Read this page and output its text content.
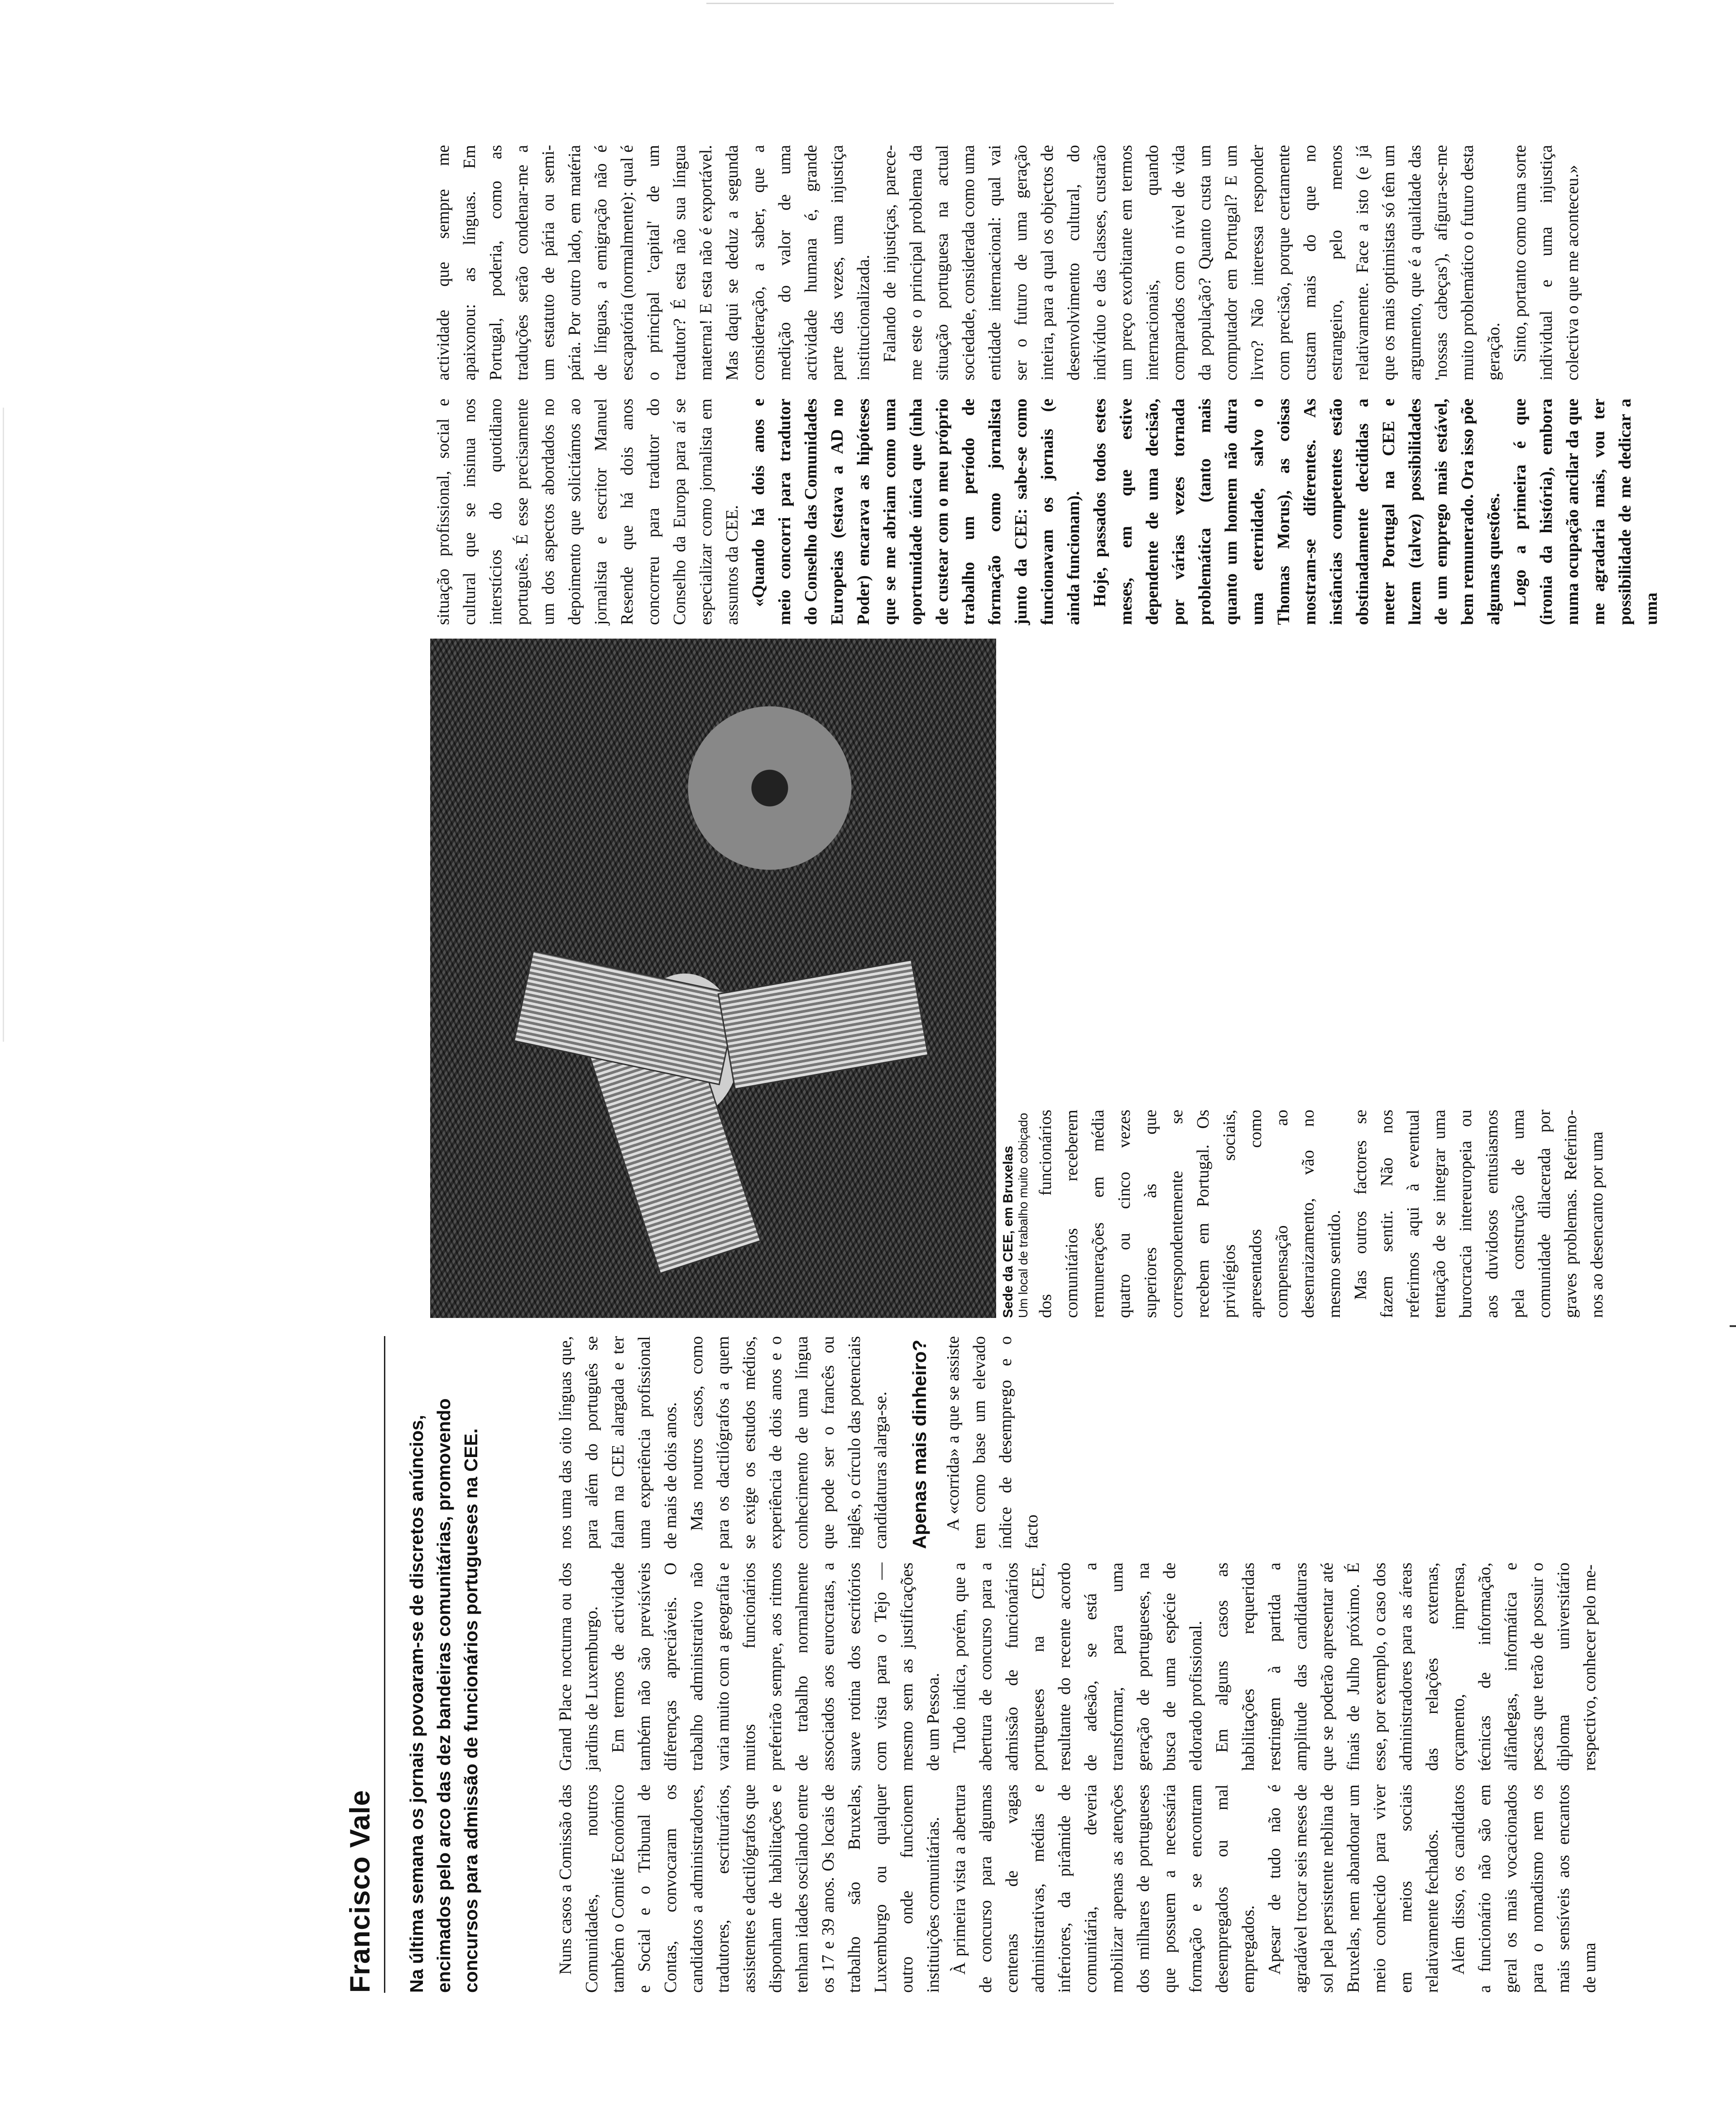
Francisco Vale Na última semana os jornais povoaram-se de discretos anúncios, encimados pelo arco das dez bandeiras comunitárias, promovendo concursos para admissão de funcionários portugueses na CEE.	Nuns casos a Comissão das Comunidades, noutros também o Comité Económico e Social e o Tribunal de Contas, convocaram os candidatos a administradores, tradutores, escriturários, assistentes e dactilógrafos que disponham de habilitações e tenham idades oscilando entre os 17 e 39 anos. Os locais de trabalho são Bruxelas, Luxemburgo ou qualquer outro onde funcionem instituições comunitárias. À primeira vista a abertura de concurso para algumas centenas de vagas administrativas, médias e inferiores, da pirâmide de comunitária, deveria mobilizar apenas as atenções dos milhares de portugueses que possuem a necessária formação e se encontram desempregados ou mal empregados. Apesar de tudo não é agradável trocar seis meses de sol pela persistente neblina de Bruxelas, nem abandonar um meio conhecido para viver em meios sociais relativamente fechados. Além disso, os candidatos a funcionário não são em geral os mais vocacionados para o nomadismo nem os mais sensíveis aos encantos de uma

Grand Place nocturna ou dos jardins de Luxemburgo. Em termos de actividade também não são previsíveis diferenças apreciáveis. O trabalho administrativo não varia muito com a geografia e muitos funcionários preferirão sempre, aos ritmos de trabalho normalmente associados aos eurocratas, a suave rotina dos escritórios com vista para o Tejo — mesmo sem as justificações de um Pessoa. Tudo indica, porém, que a abertura de concurso para a admissão de funcionários portugueses na CEE, resultante do recente acordo de adesão, se está a transformar, para uma geração de portugueses, na busca de uma espécie de eldorado profissional. Em alguns casos as habilitações requeridas restringem à partida a amplitude das candidaturas que se poderão apresentar até finais de Julho próximo. É esse, por exemplo, o caso dos administradores para as áreas das relações externas, orçamento, imprensa, técnicas de informação, alfândegas, informática e pescas que terão de possuir o diploma universitário respectivo, conhecer pelo me-

nos uma das oito línguas que, para além do português se falam na CEE alargada e ter uma experiência profissional de mais de dois anos. Mas noutros casos, como para os dactilógrafos a quem se exige os estudos médios, experiência de dois anos e o conhecimento de uma língua que pode ser o francês ou inglês, o círculo das potenciais candidaturas alarga-se. Apenas mais dinheiro? A «corrida» a que se assiste tem como base um elevado índice de desemprego e o facto

Sede da CEE, em Bruxelas Um local de trabalho muito cobiçado dos funcionários comunitários receberem remunerações em média quatro ou cinco vezes superiores às que correspondentemente se recebem em Portugal. Os privilégios sociais, apresentados como compensação ao desenraizamento, vão no mesmo sentido. Mas outros factores se fazem sentir. Não nos referimos aqui à eventual tentação de se integrar uma burocracia intereuropeia ou aos duvidosos entusiasmos pela construção de uma comunidade dilacerada por graves problemas. Referimo-nos ao desencanto por uma

situação profissional, social e cultural que se insinua nos interstícios do quotidiano português. É esse precisamente um dos aspectos abordados no depoimento que solicitámos ao jornalista e escritor Manuel Resende que há dois anos concorreu para tradutor do Conselho da Europa para aí se especializar como jornalista em assuntos da CEE. «Quando há dois anos e meio concorri para tradutor do Conselho das Comunidades Europeias (estava a AD no Poder) encarava as hipóteses que se me abriam como uma oportunidade única que (inha de custear com o meu próprio trabalho um período de formação como jornalista junto da CEE: sabe-se como funcionavam os jornais (e ainda funcionam). Hoje, passados todos estes meses, em que estive dependente de uma decisão, por várias vezes tornada problemática (tanto mais quanto um homem não dura uma eternidade, salvo o Thomas Morus), as coisas mostram-se diferentes. As instâncias competentes estão obstinadamente decididas a meter Portugal na CEE e luzem (talvez) possibilidades de um emprego mais estável, bem remunerado. Ora isso põe algumas questões. Logo a primeira é que (ironia da história), embora numa ocupação ancilar da que me agradaria mais, vou ter possibilidade de me dedicar a uma

actividade que sempre me apaixonou: as línguas. Em Portugal, poderia, como as traduções serão condenar-me a um estatuto de pária ou semi-pária. Por outro lado, em matéria de línguas, a emigração não é escapatória (normalmente): qual é o principal 'capital' de um tradutor? É esta não sua língua materna! E esta não é exportável. Mas daqui se deduz a segunda consideração, a saber, que a medição do valor de uma actividade humana é, grande parte das vezes, uma injustiça institucionalizada. Falando de injustiças, parece-me este o principal problema da situação portuguesa na actual sociedade, considerada como uma entidade internacional: qual vai ser o futuro de uma geração inteira, para a qual os objectos de desenvolvimento cultural, do indivíduo e das classes, custarão um preço exorbitante em termos internacionais, quando comparados com o nível de vida da população? Quanto custa um computador em Portugal? E um livro? Não interessa responder com precisão, porque certamente custam mais do que no estrangeiro, pelo menos relativamente. Face a isto (e já que os mais optimistas só têm um argumento, que é a qualidade das 'nossas cabeças'), afigura-se-me muito problemático o futuro desta geração. Sinto, portanto como uma sorte individual e uma injustiça colectiva o que me aconteceu.»
